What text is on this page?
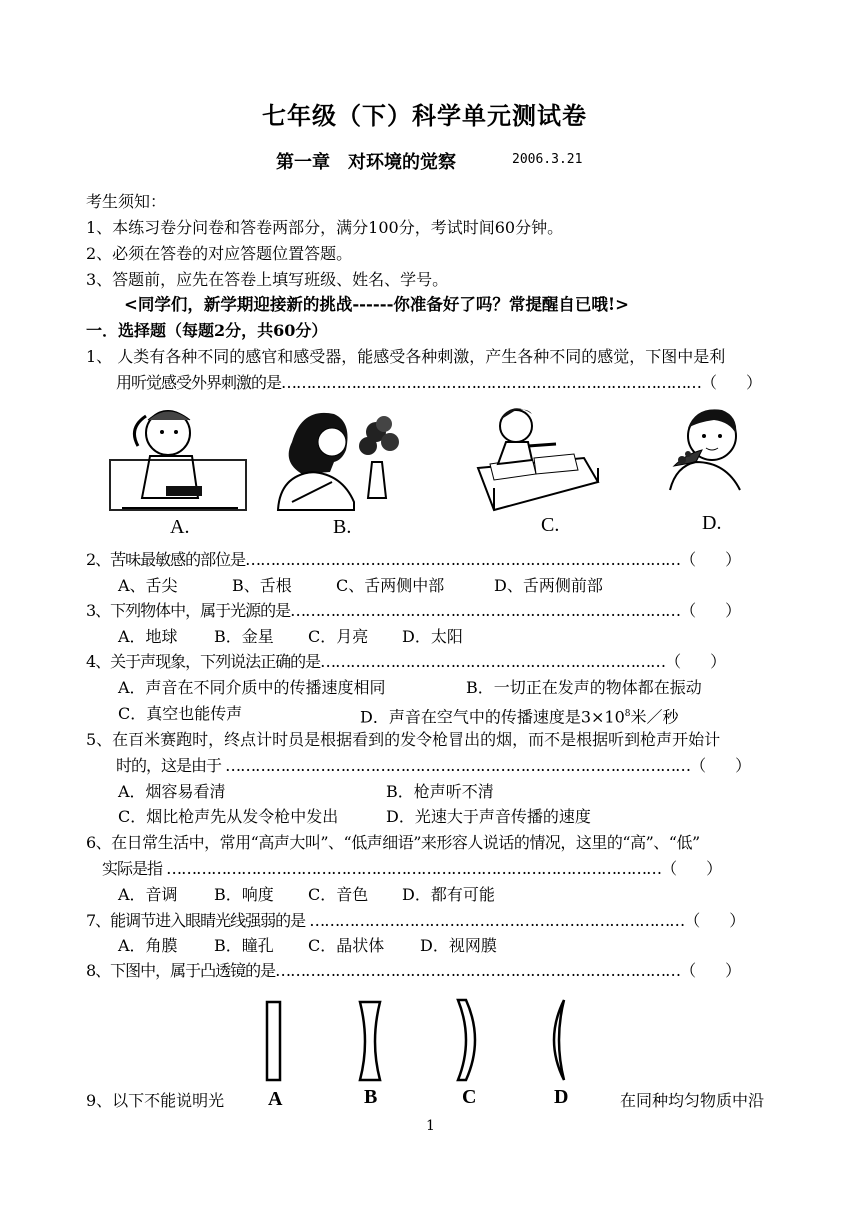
七年级（下）科学单元测试卷
第一章　对环境的觉察	2006.3.21
考生须知：
1、本练习卷分问卷和答卷两部分，满分100分，考试时间60分钟。
2、必须在答卷的对应答题位置答题。
3、答题前，应先在答卷上填写班级、姓名、学号。
<同学们，新学期迎接新的挑战------你准备好了吗？常提醒自已哦!>
一．选择题（每题2分，共60分）
1、 人类有各种不同的感官和感受器，能感受各种刺激，产生各种不同的感觉，下图中是利
用听觉感受外界刺激的是…………………………………………………………………………（　　）
A.	B.	C.	D.
2、苦味最敏感的部位是……………………………………………………………………………（　　）
A、舌尖	B、舌根	C、舌两侧中部	D、舌两侧前部
3、下列物体中，属于光源的是……………………………………………………………………（　　）
A．地球 B．金星 C．月亮 D．太阳
4、关于声现象，下列说法正确的是……………………………………………………………（　　）
A．声音在不同介质中的传播速度相同	B．一切正在发声的物体都在振动
C．真空也能传声	D．声音在空气中的传播速度是$3\times 10^8$米／秒
5、在百米赛跑时，终点计时员是根据看到的发令枪冒出的烟，而不是根据听到枪声开始计
时的，这是由于 …………………………………………………………………………………（　　）
A．烟容易看清	B．枪声听不清
C．烟比枪声先从发令枪中发出	D．光速大于声音传播的速度
6、在日常生活中，常用“高声大叫”、“低声细语”来形容人说话的情况，这里的“高”、“低”
实际是指 ………………………………………………………………………………………（　　）
A．音调 B．响度 C．音色 D．都有可能
7、能调节进入眼睛光线强弱的是 …………………………………………………………………（　　）
A．角膜 B．瞳孔 C．晶状体 D．视网膜
8、下图中，属于凸透镜的是………………………………………………………………………（　　）
A	B	C	D
9、以下不能说明光	在同种均匀物质中沿
1
